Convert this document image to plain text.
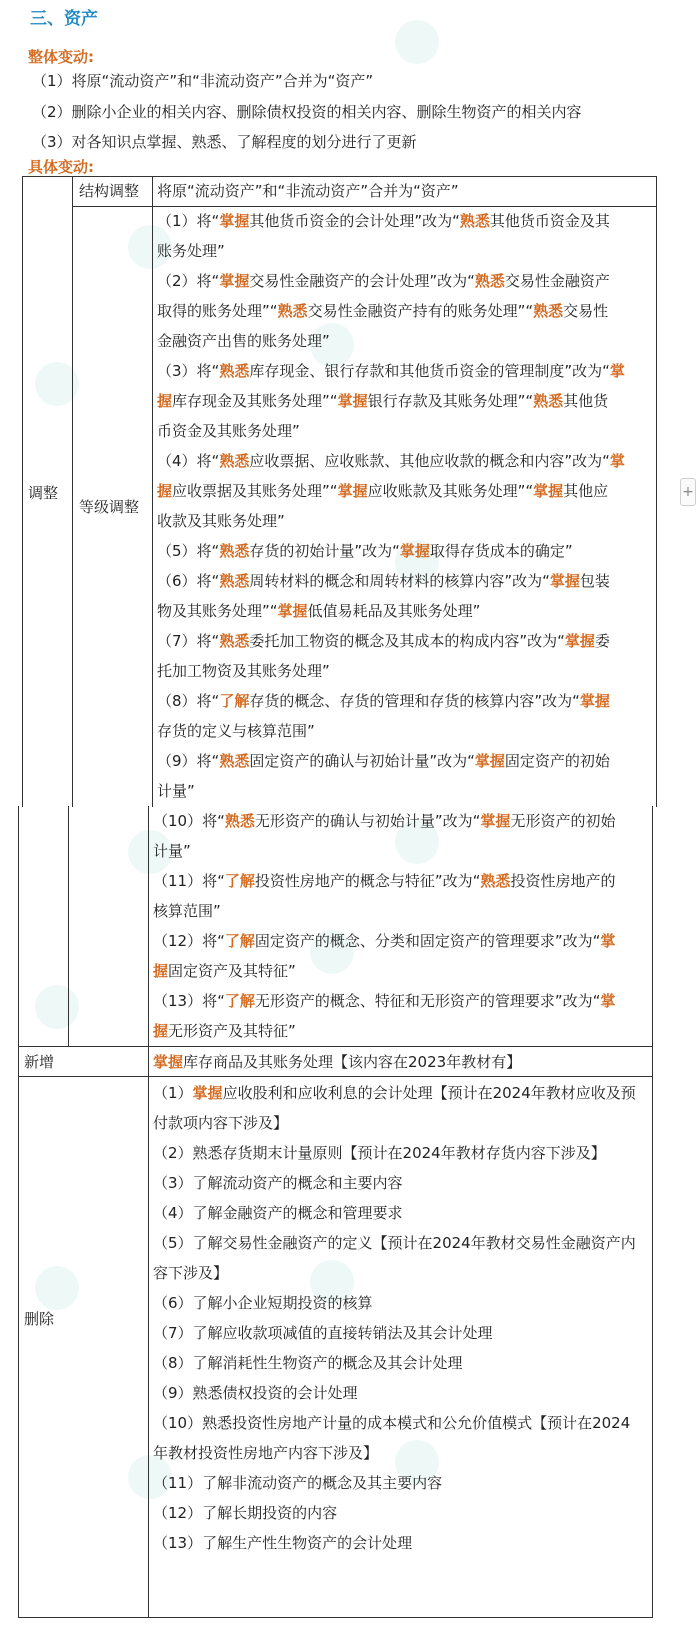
三、资产
整体变动:
（1）将原“流动资产”和“非流动资产”合并为“资产”
（2）删除小企业的相关内容、删除债权投资的相关内容、删除生物资产的相关内容
（3）对各知识点掌握、熟悉、了解程度的划分进行了更新
具体变动:
调整
结构调整 将原“流动资产”和“非流动资产”合并为“资产”
等级调整
新增
删除
（1）将“掌握其他货币资金的会计处理”改为“熟悉其他货币资金及其
账务处理”
（2）将“掌握交易性金融资产的会计处理”改为“熟悉交易性金融资产
取得的账务处理”“熟悉交易性金融资产持有的账务处理”“熟悉交易性
金融资产出售的账务处理”
（3）将“熟悉库存现金、银行存款和其他货币资金的管理制度”改为“掌
握库存现金及其账务处理”“掌握银行存款及其账务处理”“熟悉其他货
币资金及其账务处理”
（4）将“熟悉应收票据、应收账款、其他应收款的概念和内容”改为“掌
握应收票据及其账务处理”“掌握应收账款及其账务处理”“掌握其他应
收款及其账务处理”
（5）将“熟悉存货的初始计量”改为“掌握取得存货成本的确定”
（6）将“熟悉周转材料的概念和周转材料的核算内容”改为“掌握包装
物及其账务处理”“掌握低值易耗品及其账务处理”
（7）将“熟悉委托加工物资的概念及其成本的构成内容”改为“掌握委
托加工物资及其账务处理”
（8）将“了解存货的概念、存货的管理和存货的核算内容”改为“掌握
存货的定义与核算范围”
（9）将“熟悉固定资产的确认与初始计量”改为“掌握固定资产的初始
计量”
（10）将“熟悉无形资产的确认与初始计量”改为“掌握无形资产的初始
计量”
（11）将“了解投资性房地产的概念与特征”改为“熟悉投资性房地产的
核算范围”
（12）将“了解固定资产的概念、分类和固定资产的管理要求”改为“掌
握固定资产及其特征”
（13）将“了解无形资产的概念、特征和无形资产的管理要求”改为“掌
握无形资产及其特征”
掌握库存商品及其账务处理【该内容在2023年教材有】
（1）掌握应收股利和应收利息的会计处理【预计在2024年教材应收及预
付款项内容下涉及】
（2）熟悉存货期末计量原则【预计在2024年教材存货内容下涉及】
（3）了解流动资产的概念和主要内容
（4）了解金融资产的概念和管理要求
（5）了解交易性金融资产的定义【预计在2024年教材交易性金融资产内
容下涉及】
（6）了解小企业短期投资的核算
（7）了解应收款项减值的直接转销法及其会计处理
（8）了解消耗性生物资产的概念及其会计处理
（9）熟悉债权投资的会计处理
（10）熟悉投资性房地产计量的成本模式和公允价值模式【预计在2024
年教材投资性房地产内容下涉及】
（11）了解非流动资产的概念及其主要内容
（12）了解长期投资的内容
（13）了解生产性生物资产的会计处理
+
